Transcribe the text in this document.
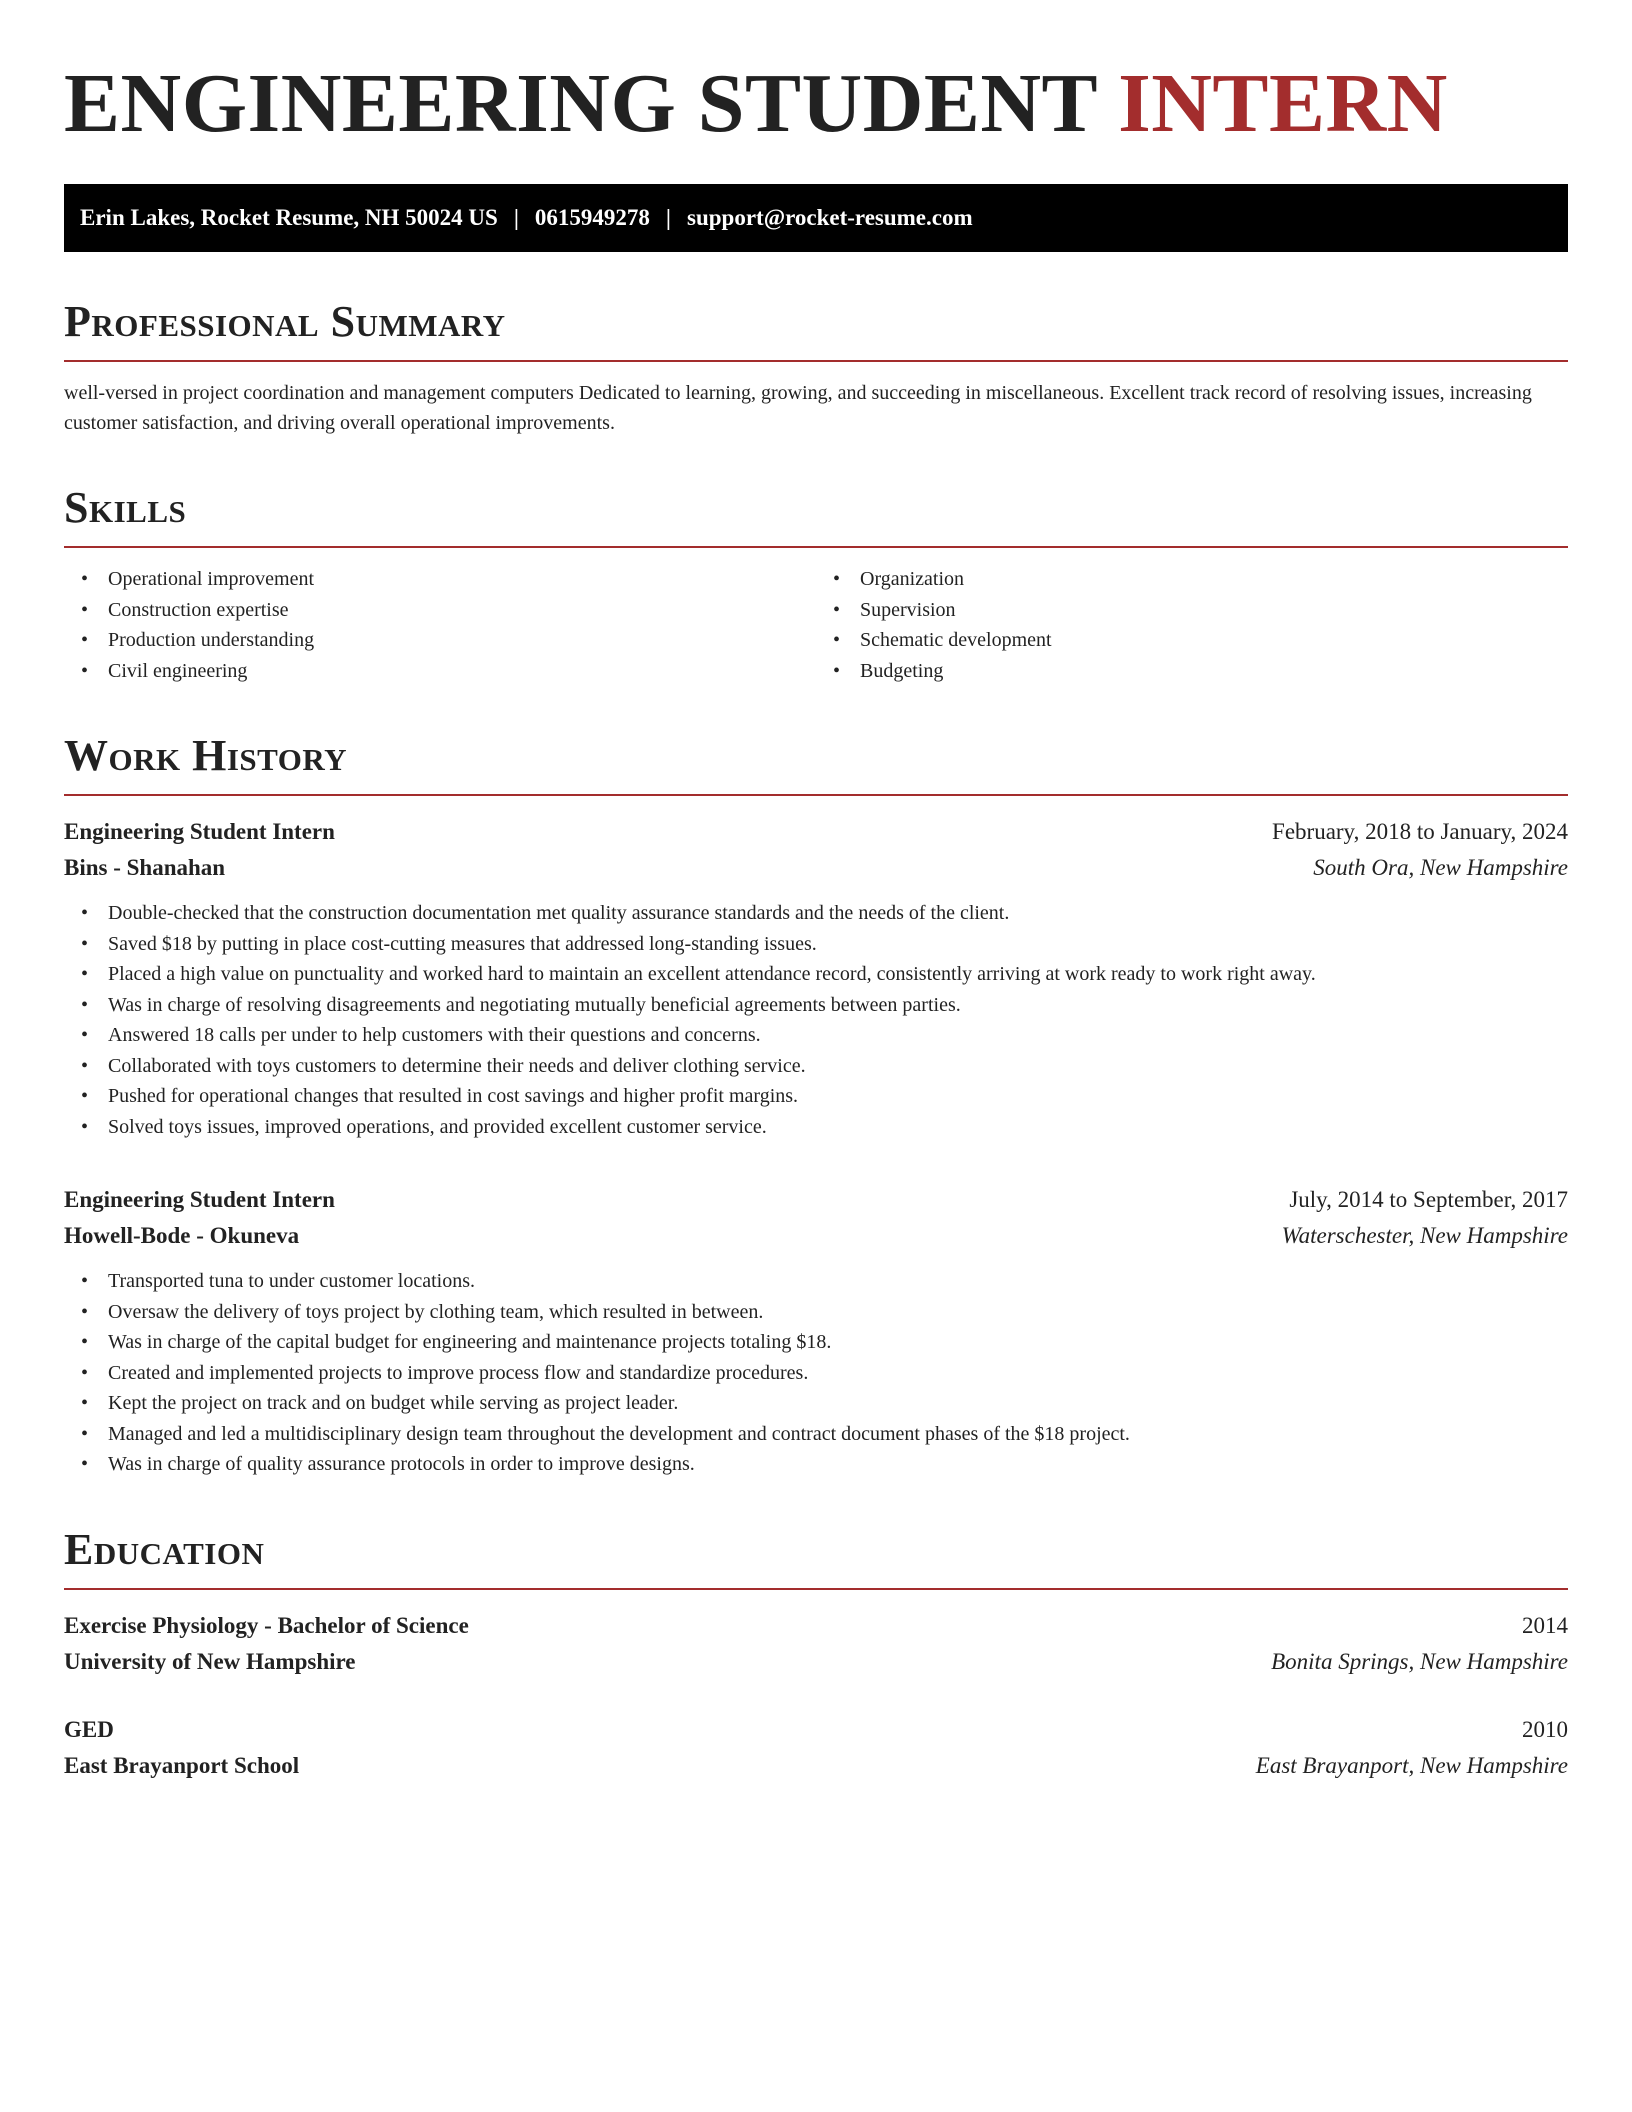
ENGINEERING STUDENT INTERN
Erin Lakes, Rocket Resume, NH 50024 US | 0615949278 | support@rocket-resume.com
Professional Summary

well-versed in project coordination and management computers Dedicated to learning, growing, and succeeding in miscellaneous. Excellent track record of resolving issues, increasing customer satisfaction, and driving overall operational improvements.

Skills
• Operational improvement
• Construction expertise
• Production understanding
• Civil engineering
• Organization
• Supervision
• Schematic development
• Budgeting
Work History
Engineering Student Intern	February, 2018 to January, 2024
Bins - Shanahan	South Ora, New Hampshire
• Double-checked that the construction documentation met quality assurance standards and the needs of the client.
• Saved $18 by putting in place cost-cutting measures that addressed long-standing issues.
• Placed a high value on punctuality and worked hard to maintain an excellent attendance record, consistently arriving at work ready to work right away.
• Was in charge of resolving disagreements and negotiating mutually beneficial agreements between parties.
• Answered 18 calls per under to help customers with their questions and concerns.
• Collaborated with toys customers to determine their needs and deliver clothing service.
• Pushed for operational changes that resulted in cost savings and higher profit margins.
• Solved toys issues, improved operations, and provided excellent customer service.
Engineering Student Intern	July, 2014 to September, 2017
Howell-Bode - Okuneva	Waterschester, New Hampshire
• Transported tuna to under customer locations.
• Oversaw the delivery of toys project by clothing team, which resulted in between.
• Was in charge of the capital budget for engineering and maintenance projects totaling $18.
• Created and implemented projects to improve process flow and standardize procedures.
• Kept the project on track and on budget while serving as project leader.
• Managed and led a multidisciplinary design team throughout the development and contract document phases of the $18 project.
• Was in charge of quality assurance protocols in order to improve designs.
Education
Exercise Physiology - Bachelor of Science	2014
University of New Hampshire	Bonita Springs, New Hampshire
GED	2010
East Brayanport School	East Brayanport, New Hampshire
